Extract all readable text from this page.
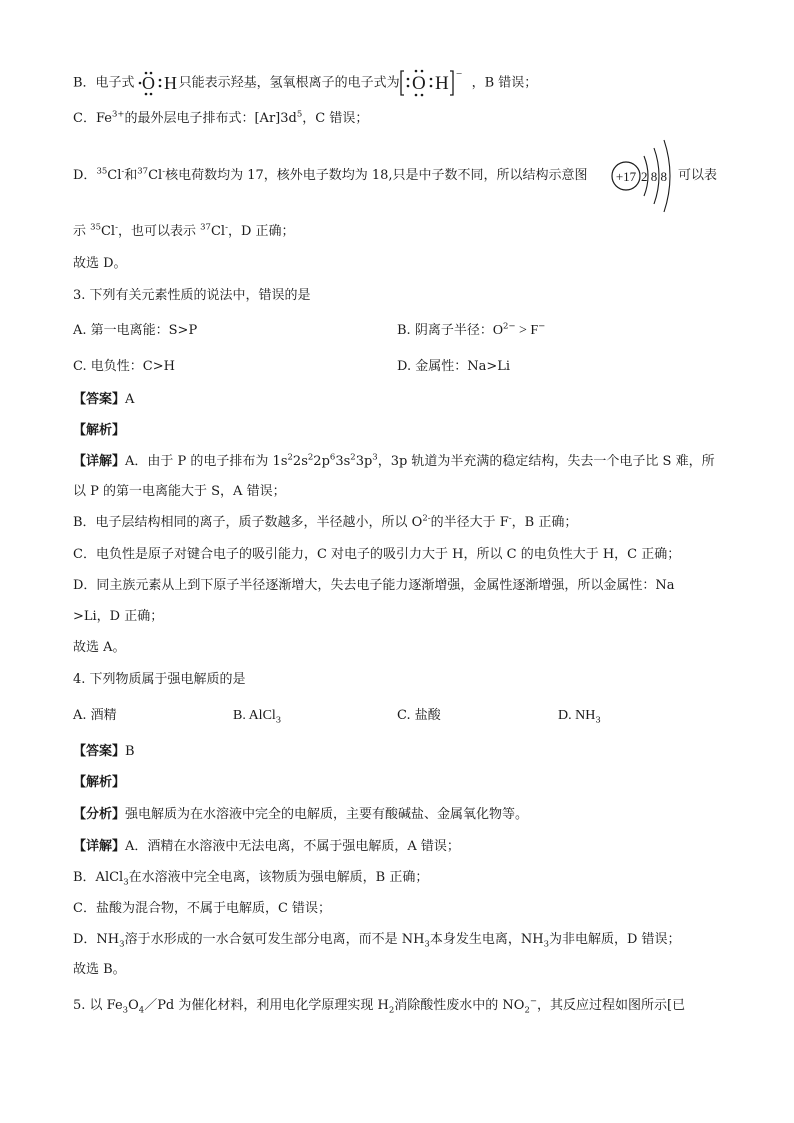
B．电子式 O H 只能表示羟基，氢氧根离子的电子式为 O H −
，B 错误；
C．$Fe^{3+}$的最外层电子排布式：$[Ar]3d^5$，C 错误；
D．$^{35}$Cl-和$^{37}$Cl-核电荷数均为 17，核外电子数均为 18,只是中子数不同，所以结构示意图 +17 2 8 8 可以表
示 $^{35}$Cl-，也可以表示 $^{37}$Cl-，D 正确；
故选 D。
3. 下列有关元素性质的说法中，错误的是
A. 第一电离能：S>P	B. 阴离子半径：$O^{2-} > F^-$
C. 电负性：C>H	D. 金属性：Na>Li
【答案】A
【解析】
【详解】A．由于 P 的电子排布为 $1s^22s^22p^63s^23p^3$，3p 轨道为半充满的稳定结构，失去一个电子比 S 难，所
以 P 的第一电离能大于 S，A 错误；
B．电子层结构相同的离子，质子数越多，半径越小，所以 $O^{2-}$的半径大于 F-，B 正确；
C．电负性是原子对键合电子的吸引能力，C 对电子的吸引力大于 H，所以 C 的电负性大于 H，C 正确；
D．同主族元素从上到下原子半径逐渐增大，失去电子能力逐渐增强，金属性逐渐增强，所以金属性：Na
>Li，D 正确；
故选 A。
4. 下列物质属于强电解质的是
A. 酒精	B. AlCl$_3$	C. 盐酸	D. $NH_3$
【答案】B
【解析】
【分析】强电解质为在水溶液中完全的电解质，主要有酸碱盐、金属氧化物等。
【详解】A．酒精在水溶液中无法电离，不属于强电解质，A 错误；
B．AlCl$_3$在水溶液中完全电离，该物质为强电解质，B 正确；
C．盐酸为混合物，不属于电解质，C 错误；
D．$NH_3$溶于水形成的一水合氨可发生部分电离，而不是 $NH_3$本身发生电离，$NH_3$为非电解质，D 错误；
故选 B。
5. 以 $Fe_3O_4/Pd$ 为催化材料，利用电化学原理实现 $H_2$消除酸性废水中的 $NO_2^-$，其反应过程如图所示[已
